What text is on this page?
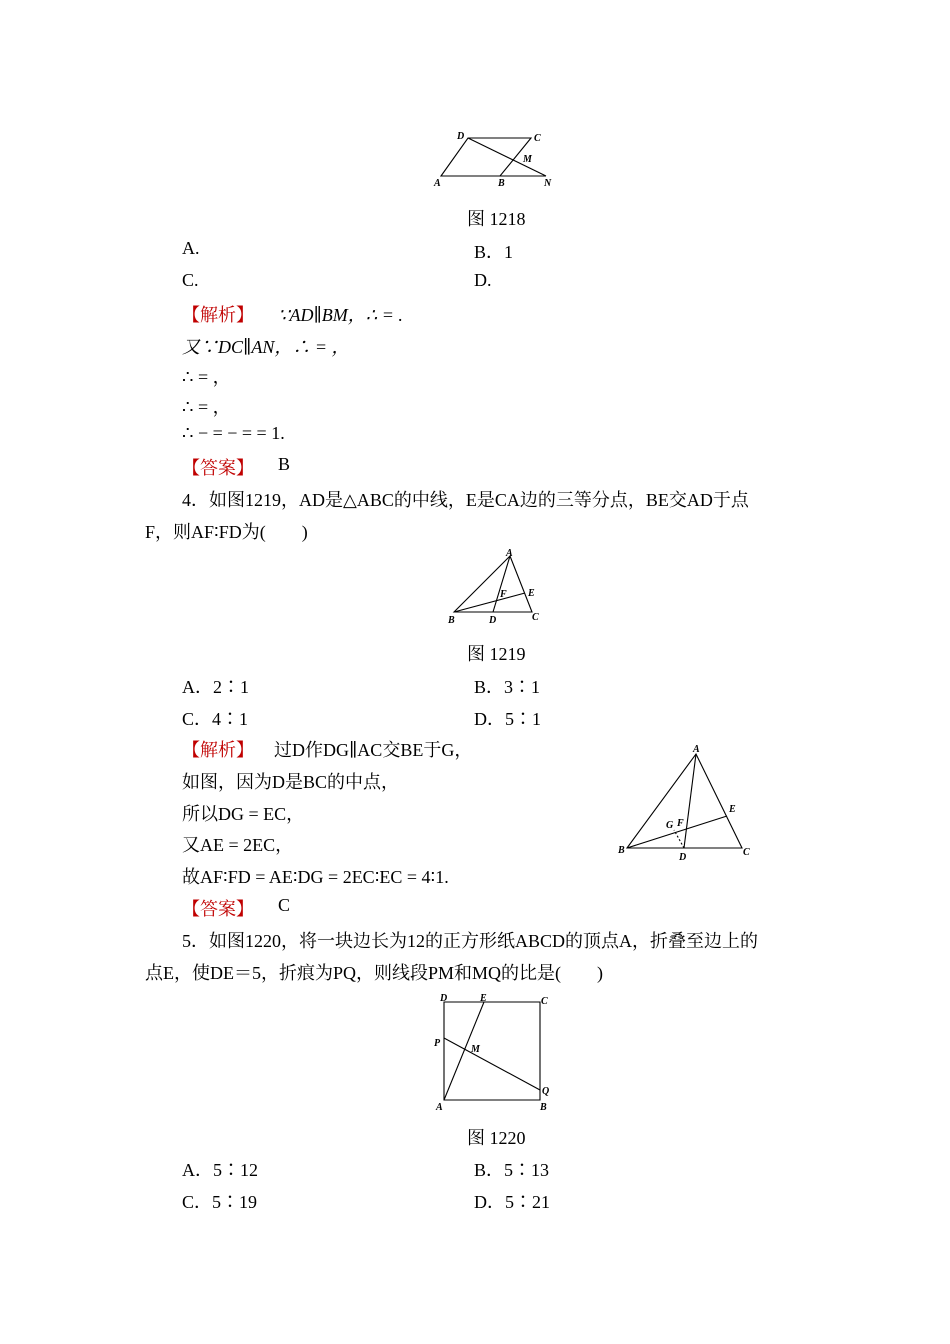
D	C
M
A	B	N
图 1218
A.	B．1
C.	D.
【解析】 ∵AD∥BM，∴ = .
又∵DC∥AN，∴ = ，
∴ = ，
∴ = ，
∴ − = − = = 1.
【答案】 B
4．如图1219，AD是△ABC的中线，E是CA边的三等分点，BE交AD于点
F，则AF∶FD为(　　)
A
B	D	C
E
F
图 1219
A．2∶1	B．3∶1
C．4∶1	D．5∶1
【解析】 过D作DG∥AC交BE于G，
如图，因为D是BC的中点，
所以DG = EC，
又AE = 2EC，
故AF∶FD = AE∶DG = 2EC∶EC = 4∶1.
【答案】 C
A
B
D	C
E
G F
5．如图1220，将一块边长为12的正方形纸ABCD的顶点A，折叠至边上的
点E，使DE＝5，折痕为PQ，则线段PM和MQ的比是(　　)
D	E	C
P
M
Q
A	B
图 1220
A．5∶12	B．5∶13
C．5∶19	D．5∶21
